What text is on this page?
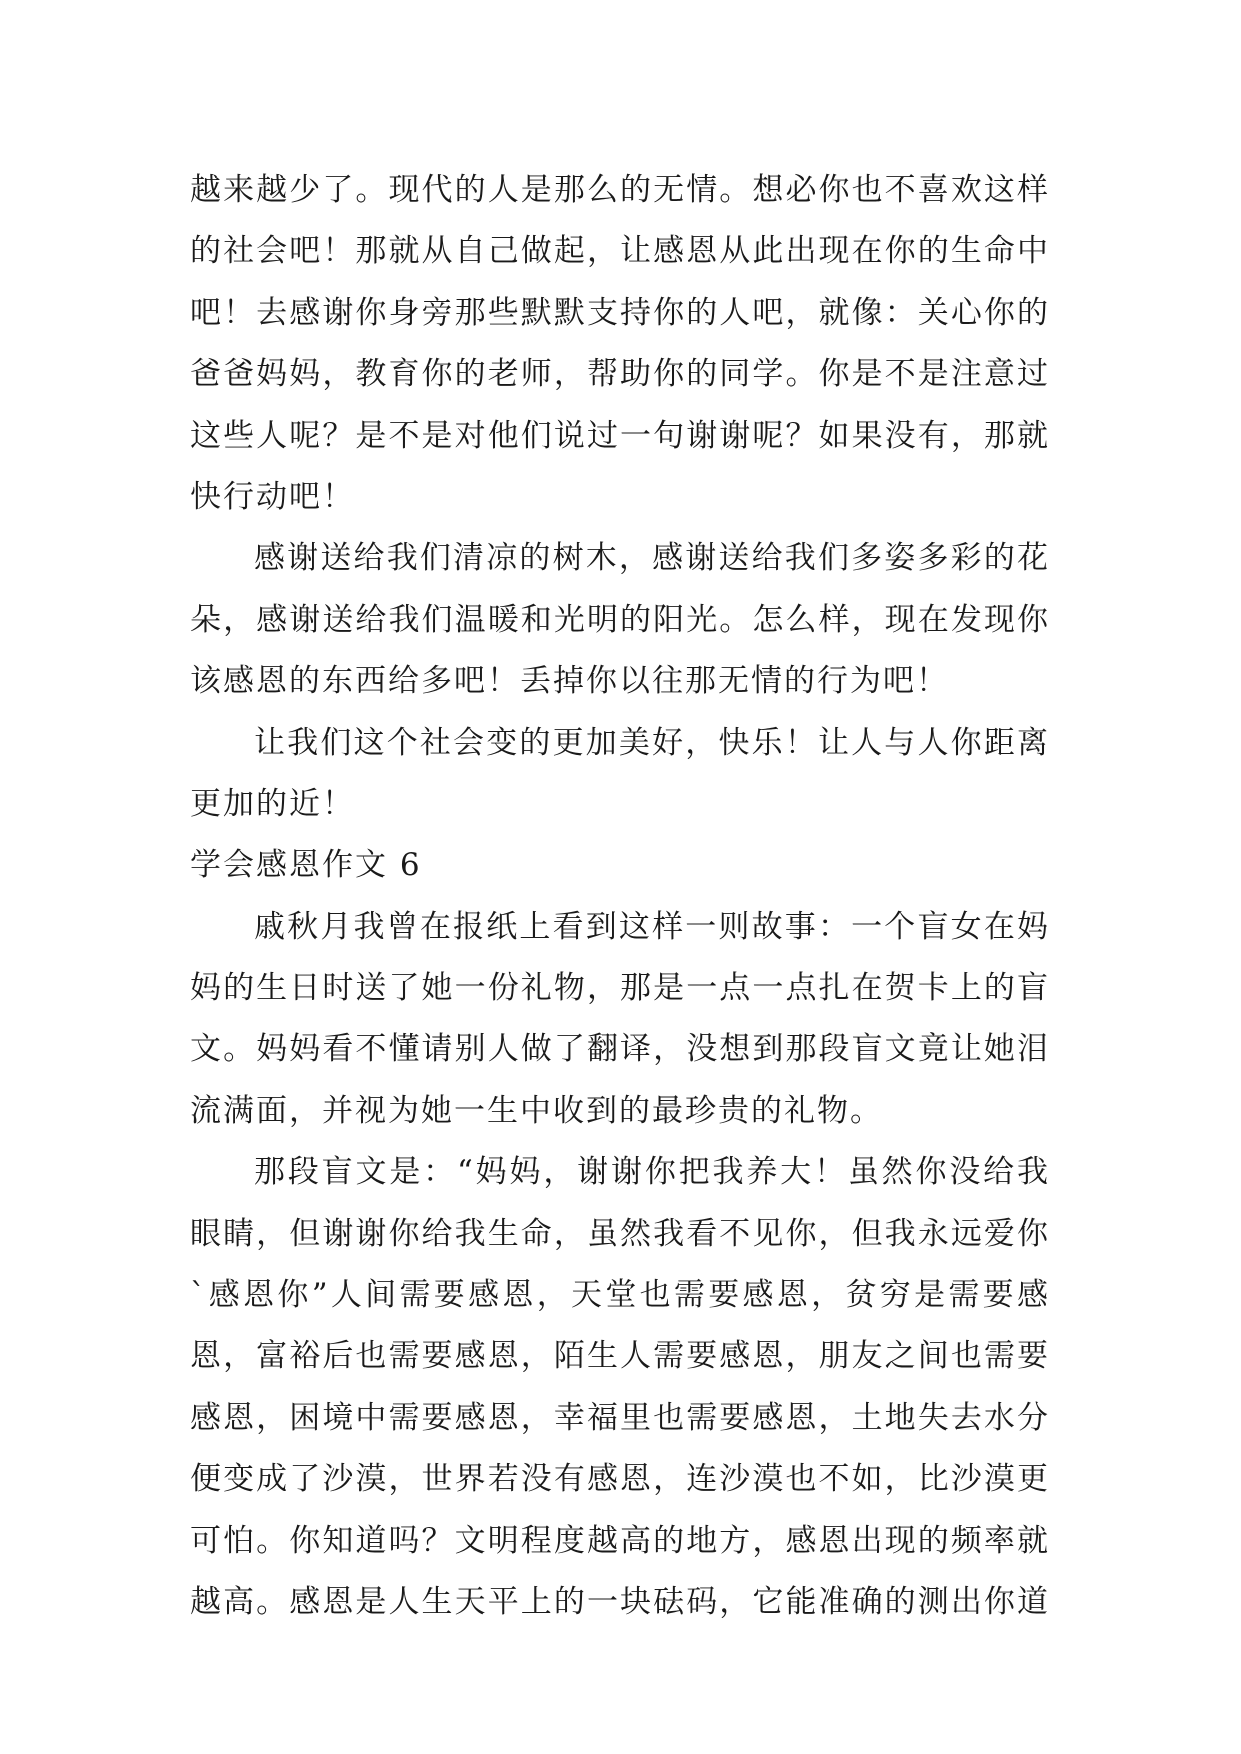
越来越少了。现代的人是那么的无情。想必你也不喜欢这样
的社会吧！那就从自己做起，让感恩从此出现在你的生命中
吧！去感谢你身旁那些默默支持你的人吧，就像：关心你的
爸爸妈妈，教育你的老师，帮助你的同学。你是不是注意过
这些人呢？是不是对他们说过一句谢谢呢？如果没有，那就
快行动吧！
感谢送给我们清凉的树木，感谢送给我们多姿多彩的花
朵，感谢送给我们温暖和光明的阳光。怎么样，现在发现你
该感恩的东西给多吧！丢掉你以往那无情的行为吧！
让我们这个社会变的更加美好，快乐！让人与人你距离
更加的近！
学会感恩作文 6
戚秋月我曾在报纸上看到这样一则故事：一个盲女在妈
妈的生日时送了她一份礼物，那是一点一点扎在贺卡上的盲
文。妈妈看不懂请别人做了翻译，没想到那段盲文竟让她泪
流满面，并视为她一生中收到的最珍贵的礼物。
那段盲文是：“妈妈，谢谢你把我养大！虽然你没给我
眼睛，但谢谢你给我生命，虽然我看不见你，但我永远爱你
`感恩你”人间需要感恩，天堂也需要感恩，贫穷是需要感
恩，富裕后也需要感恩，陌生人需要感恩，朋友之间也需要
感恩，困境中需要感恩，幸福里也需要感恩，土地失去水分
便变成了沙漠，世界若没有感恩，连沙漠也不如，比沙漠更
可怕。你知道吗？文明程度越高的地方，感恩出现的频率就
越高。感恩是人生天平上的一块砝码，它能准确的测出你道
